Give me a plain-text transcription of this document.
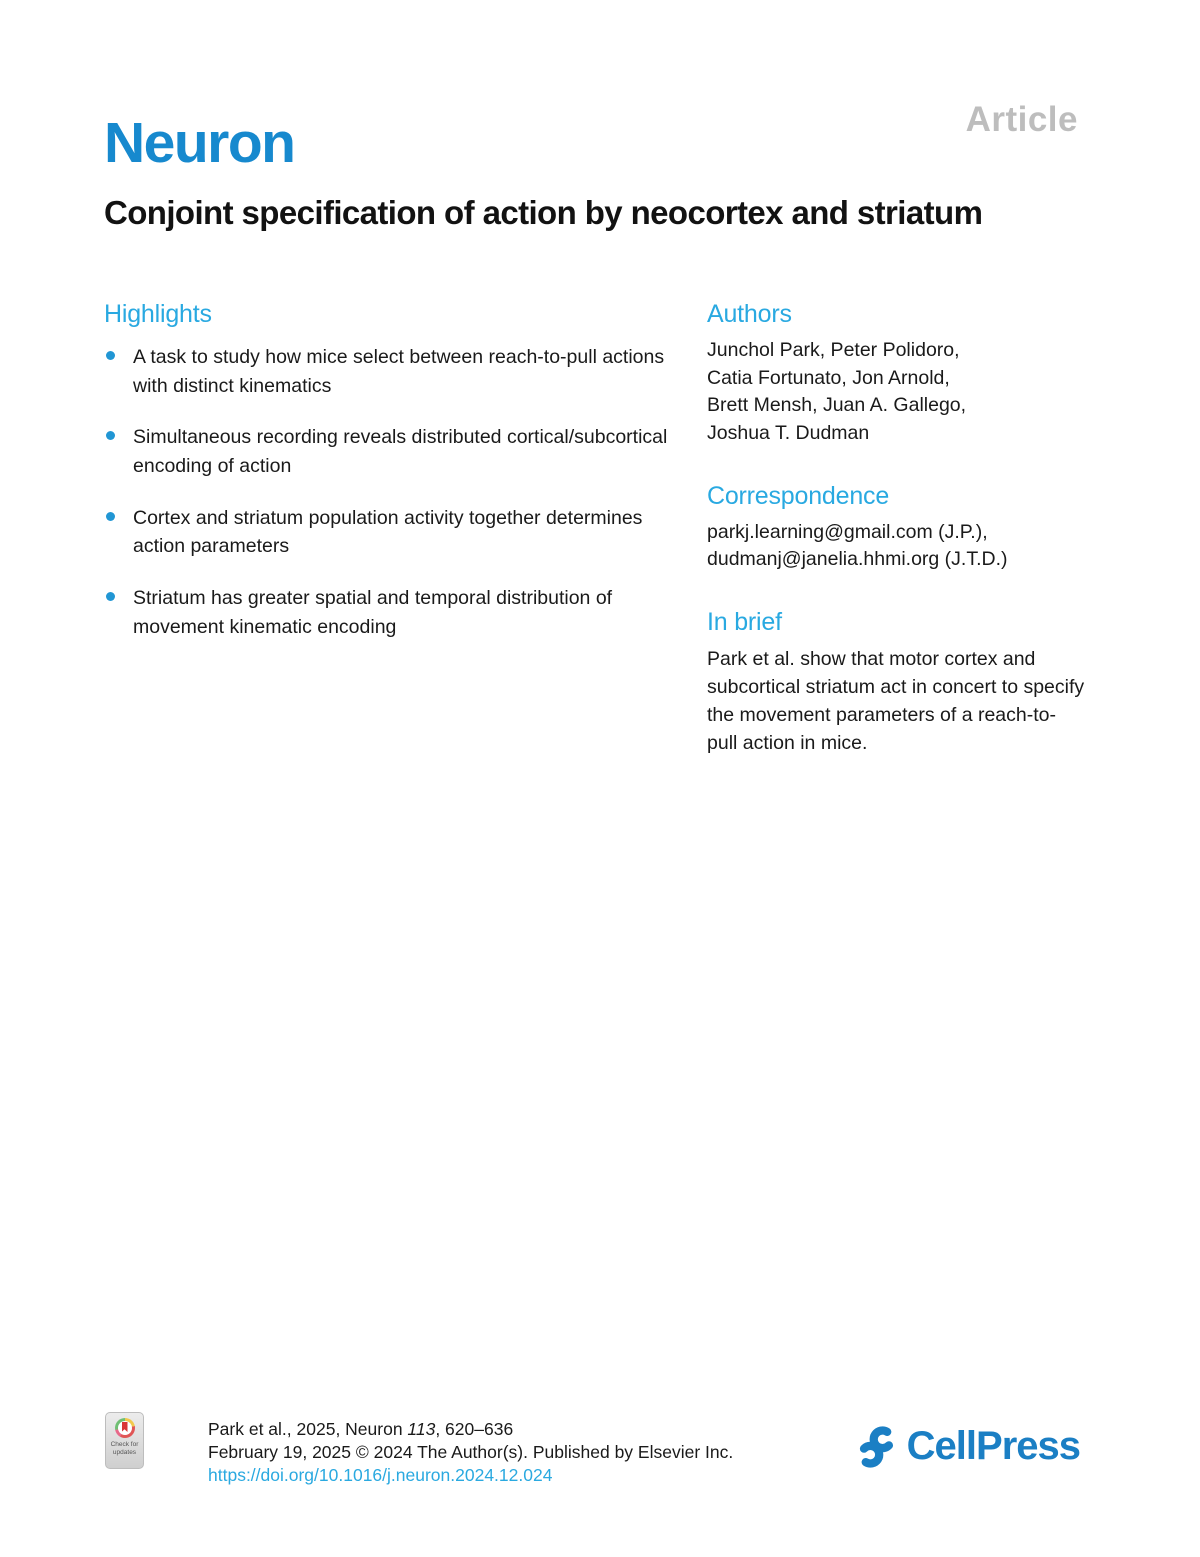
Article
Neuron
Conjoint specification of action by neocortex and striatum
Highlights
A task to study how mice select between reach-to-pull actions with distinct kinematics
Simultaneous recording reveals distributed cortical/subcortical encoding of action
Cortex and striatum population activity together determines action parameters
Striatum has greater spatial and temporal distribution of movement kinematic encoding
Authors
Junchol Park, Peter Polidoro,
Catia Fortunato, Jon Arnold,
Brett Mensh, Juan A. Gallego,
Joshua T. Dudman
Correspondence
parkj.learning@gmail.com (J.P.),
dudmanj@janelia.hhmi.org (J.T.D.)
In brief

Park et al. show that motor cortex and subcortical striatum act in concert to specify the movement parameters of a reach-to-pull action in mice.

Check for
updates
Park et al., 2025, Neuron 113, 620–636
February 19, 2025 © 2024 The Author(s). Published by Elsevier Inc.
https://doi.org/10.1016/j.neuron.2024.12.024
CellPress
